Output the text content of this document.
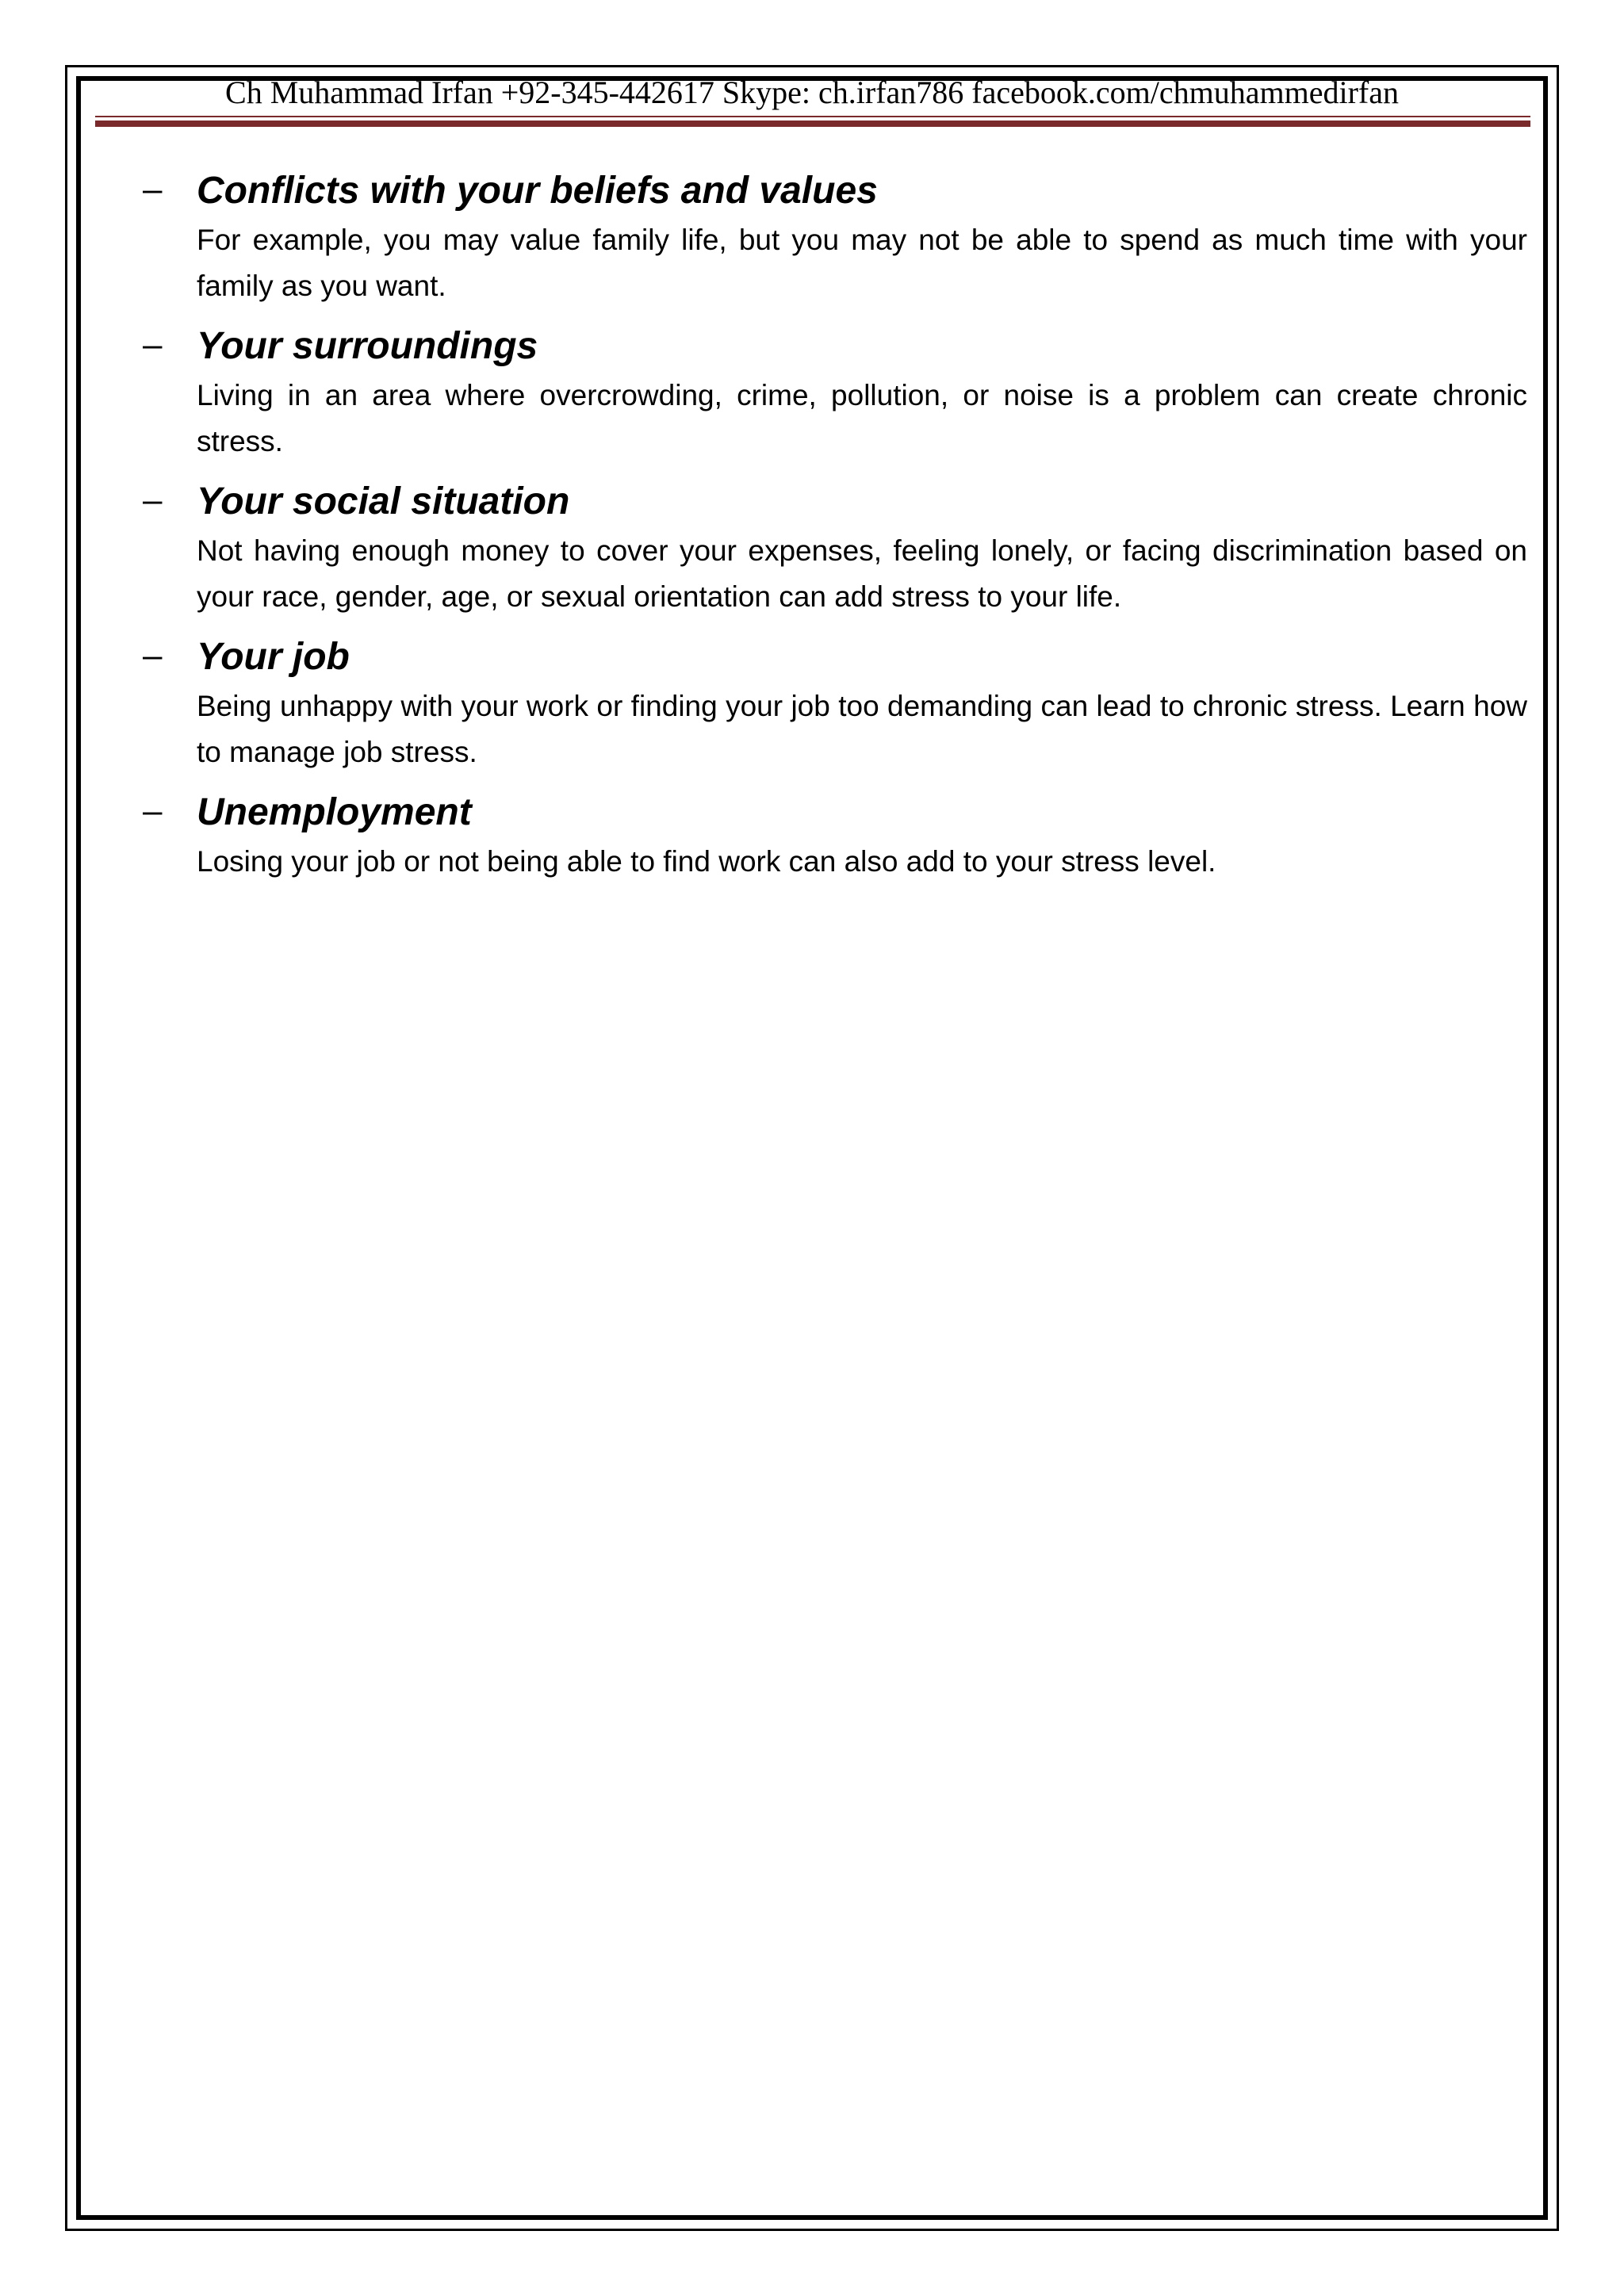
Ch Muhammad Irfan +92-345-442617 Skype: ch.irfan786 facebook.com/chmuhammedirfan
– Conflicts with your beliefs and values
For example, you may value family life, but you may not be able to spend as much time with your family as you want.
– Your surroundings
Living in an area where overcrowding, crime, pollution, or noise is a problem can create chronic stress.
– Your social situation
Not having enough money to cover your expenses, feeling lonely, or facing discrimination based on your race, gender, age, or sexual orientation can add stress to your life.
– Your job
Being unhappy with your work or finding your job too demanding can lead to chronic stress. Learn how to manage job stress.
– Unemployment
Losing your job or not being able to find work can also add to your stress level.
